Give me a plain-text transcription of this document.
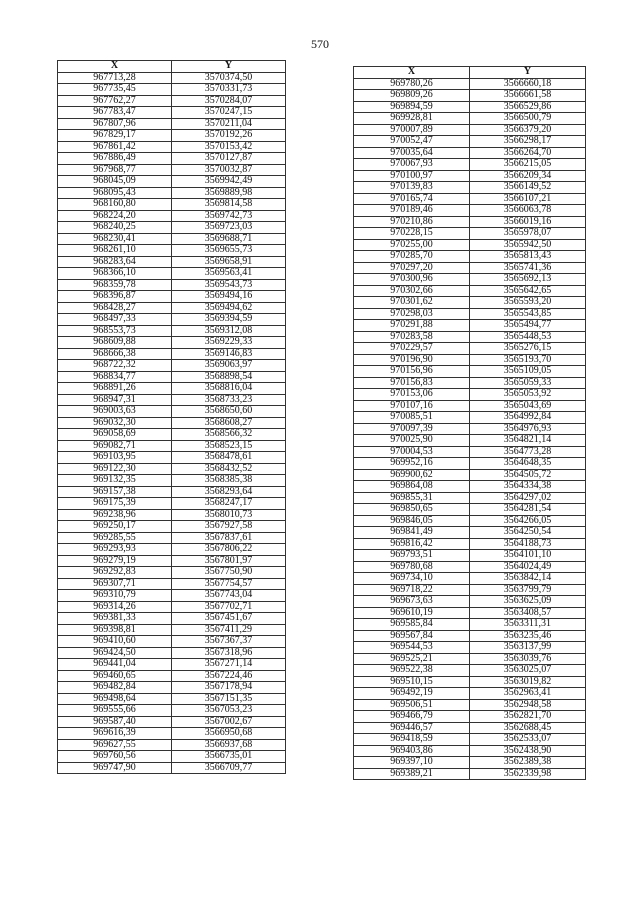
570
X	Y
967713,28	3570374,50
967735,45	3570331,73
967762,27	3570284,07
967783,47	3570247,15
967807,96	3570211,04
967829,17	3570192,26
967861,42	3570153,42
967886,49	3570127,87
967968,77	3570032,87
968045,09	3569942,49
968095,43	3569889,98
968160,80	3569814,58
968224,20	3569742,73
968240,25	3569723,03
968230,41	3569688,71
968261,10	3569655,73
968283,64	3569658,91
968366,10	3569563,41
968359,78	3569543,73
968396,87	3569494,16
968428,27	3569494,62
968497,33	3569394,59
968553,73	3569312,08
968609,88	3569229,33
968666,38	3569146,83
968722,32	3569063,97
968834,77	3568898,54
968891,26	3568816,04
968947,31	3568733,23
969003,63	3568650,60
969032,30	3568608,27
969058,69	3568566,32
969082,71	3568523,15
969103,95	3568478,61
969122,30	3568432,52
969132,35	3568385,38
969157,38	3568293,64
969175,39	3568247,17
969238,96	3568010,73
969250,17	3567927,58
969285,55	3567837,61
969293,93	3567806,22
969279,19	3567801,97
969292,83	3567750,90
969307,71	3567754,57
969310,79	3567743,04
969314,26	3567702,71
969381,33	3567451,67
969398,81	3567411,29
969410,60	3567367,37
969424,50	3567318,96
969441,04	3567271,14
969460,65	3567224,46
969482,84	3567178,94
969498,64	3567151,35
969555,66	3567053,23
969587,40	3567002,67
969616,39	3566950,68
969627,55	3566937,68
969760,56	3566735,01
969747,90	3566709,77
X	Y
969780,26	3566660,18
969809,26	3566661,58
969894,59	3566529,86
969928,81	3566500,79
970007,89	3566379,20
970052,47	3566298,17
970035,64	3566264,70
970067,93	3566215,05
970100,97	3566209,34
970139,83	3566149,52
970165,74	3566107,21
970189,46	3566063,78
970210,86	3566019,16
970228,15	3565978,07
970255,00	3565942,50
970285,70	3565813,43
970297,20	3565741,36
970300,96	3565692,13
970302,66	3565642,65
970301,62	3565593,20
970298,03	3565543,85
970291,88	3565494,77
970283,58	3565448,53
970229,57	3565276,15
970196,90	3565193,70
970156,96	3565109,05
970156,83	3565059,33
970153,06	3565053,92
970107,16	3565043,69
970085,51	3564992,84
970097,39	3564976,93
970025,90	3564821,14
970004,53	3564773,28
969952,16	3564648,35
969900,62	3564505,72
969864,08	3564334,38
969855,31	3564297,02
969850,65	3564281,54
969846,05	3564266,05
969841,49	3564250,54
969816,42	3564188,73
969793,51	3564101,10
969780,68	3564024,49
969734,10	3563842,14
969718,22	3563799,79
969673,63	3563625,09
969610,19	3563408,57
969585,84	3563311,31
969567,84	3563235,46
969544,53	3563137,99
969525,21	3563039,76
969522,38	3563025,07
969510,15	3563019,82
969492,19	3562963,41
969506,51	3562948,58
969466,79	3562821,70
969446,57	3562688,45
969418,59	3562533,07
969403,86	3562438,90
969397,10	3562389,38
969389,21	3562339,98
